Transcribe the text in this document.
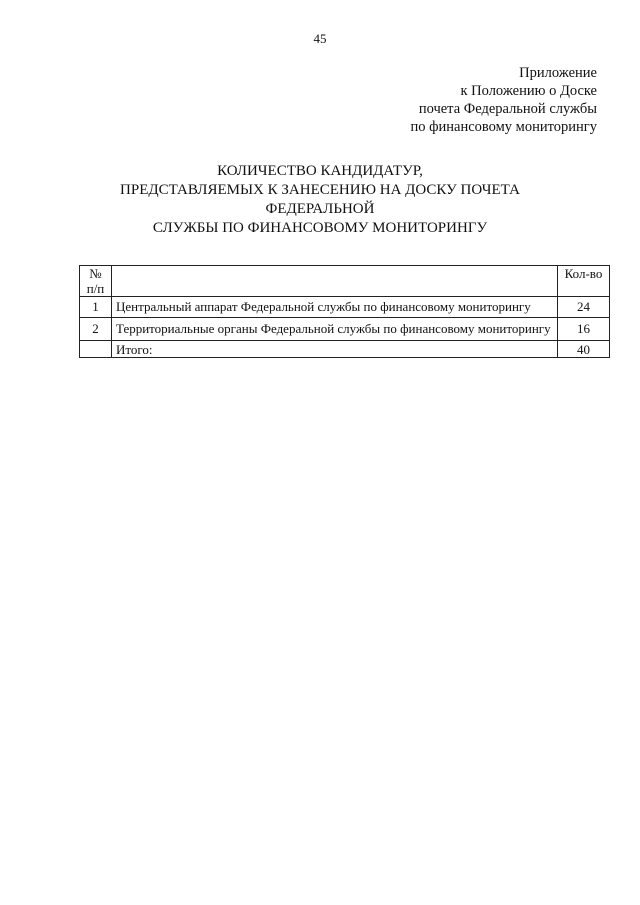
45
Приложение
к Положению о Доске
почета Федеральной службы
по финансовому мониторингу
КОЛИЧЕСТВО КАНДИДАТУР,
ПРЕДСТАВЛЯЕМЫХ К ЗАНЕСЕНИЮ НА ДОСКУ ПОЧЕТА
ФЕДЕРАЛЬНОЙ
СЛУЖБЫ ПО ФИНАНСОВОМУ МОНИТОРИНГУ
№
п/п		Кол-во
1	Центральный аппарат Федеральной службы по финансовому мониторингу	24
2	Территориальные органы Федеральной службы по финансовому мониторингу	16
	Итого:	40
